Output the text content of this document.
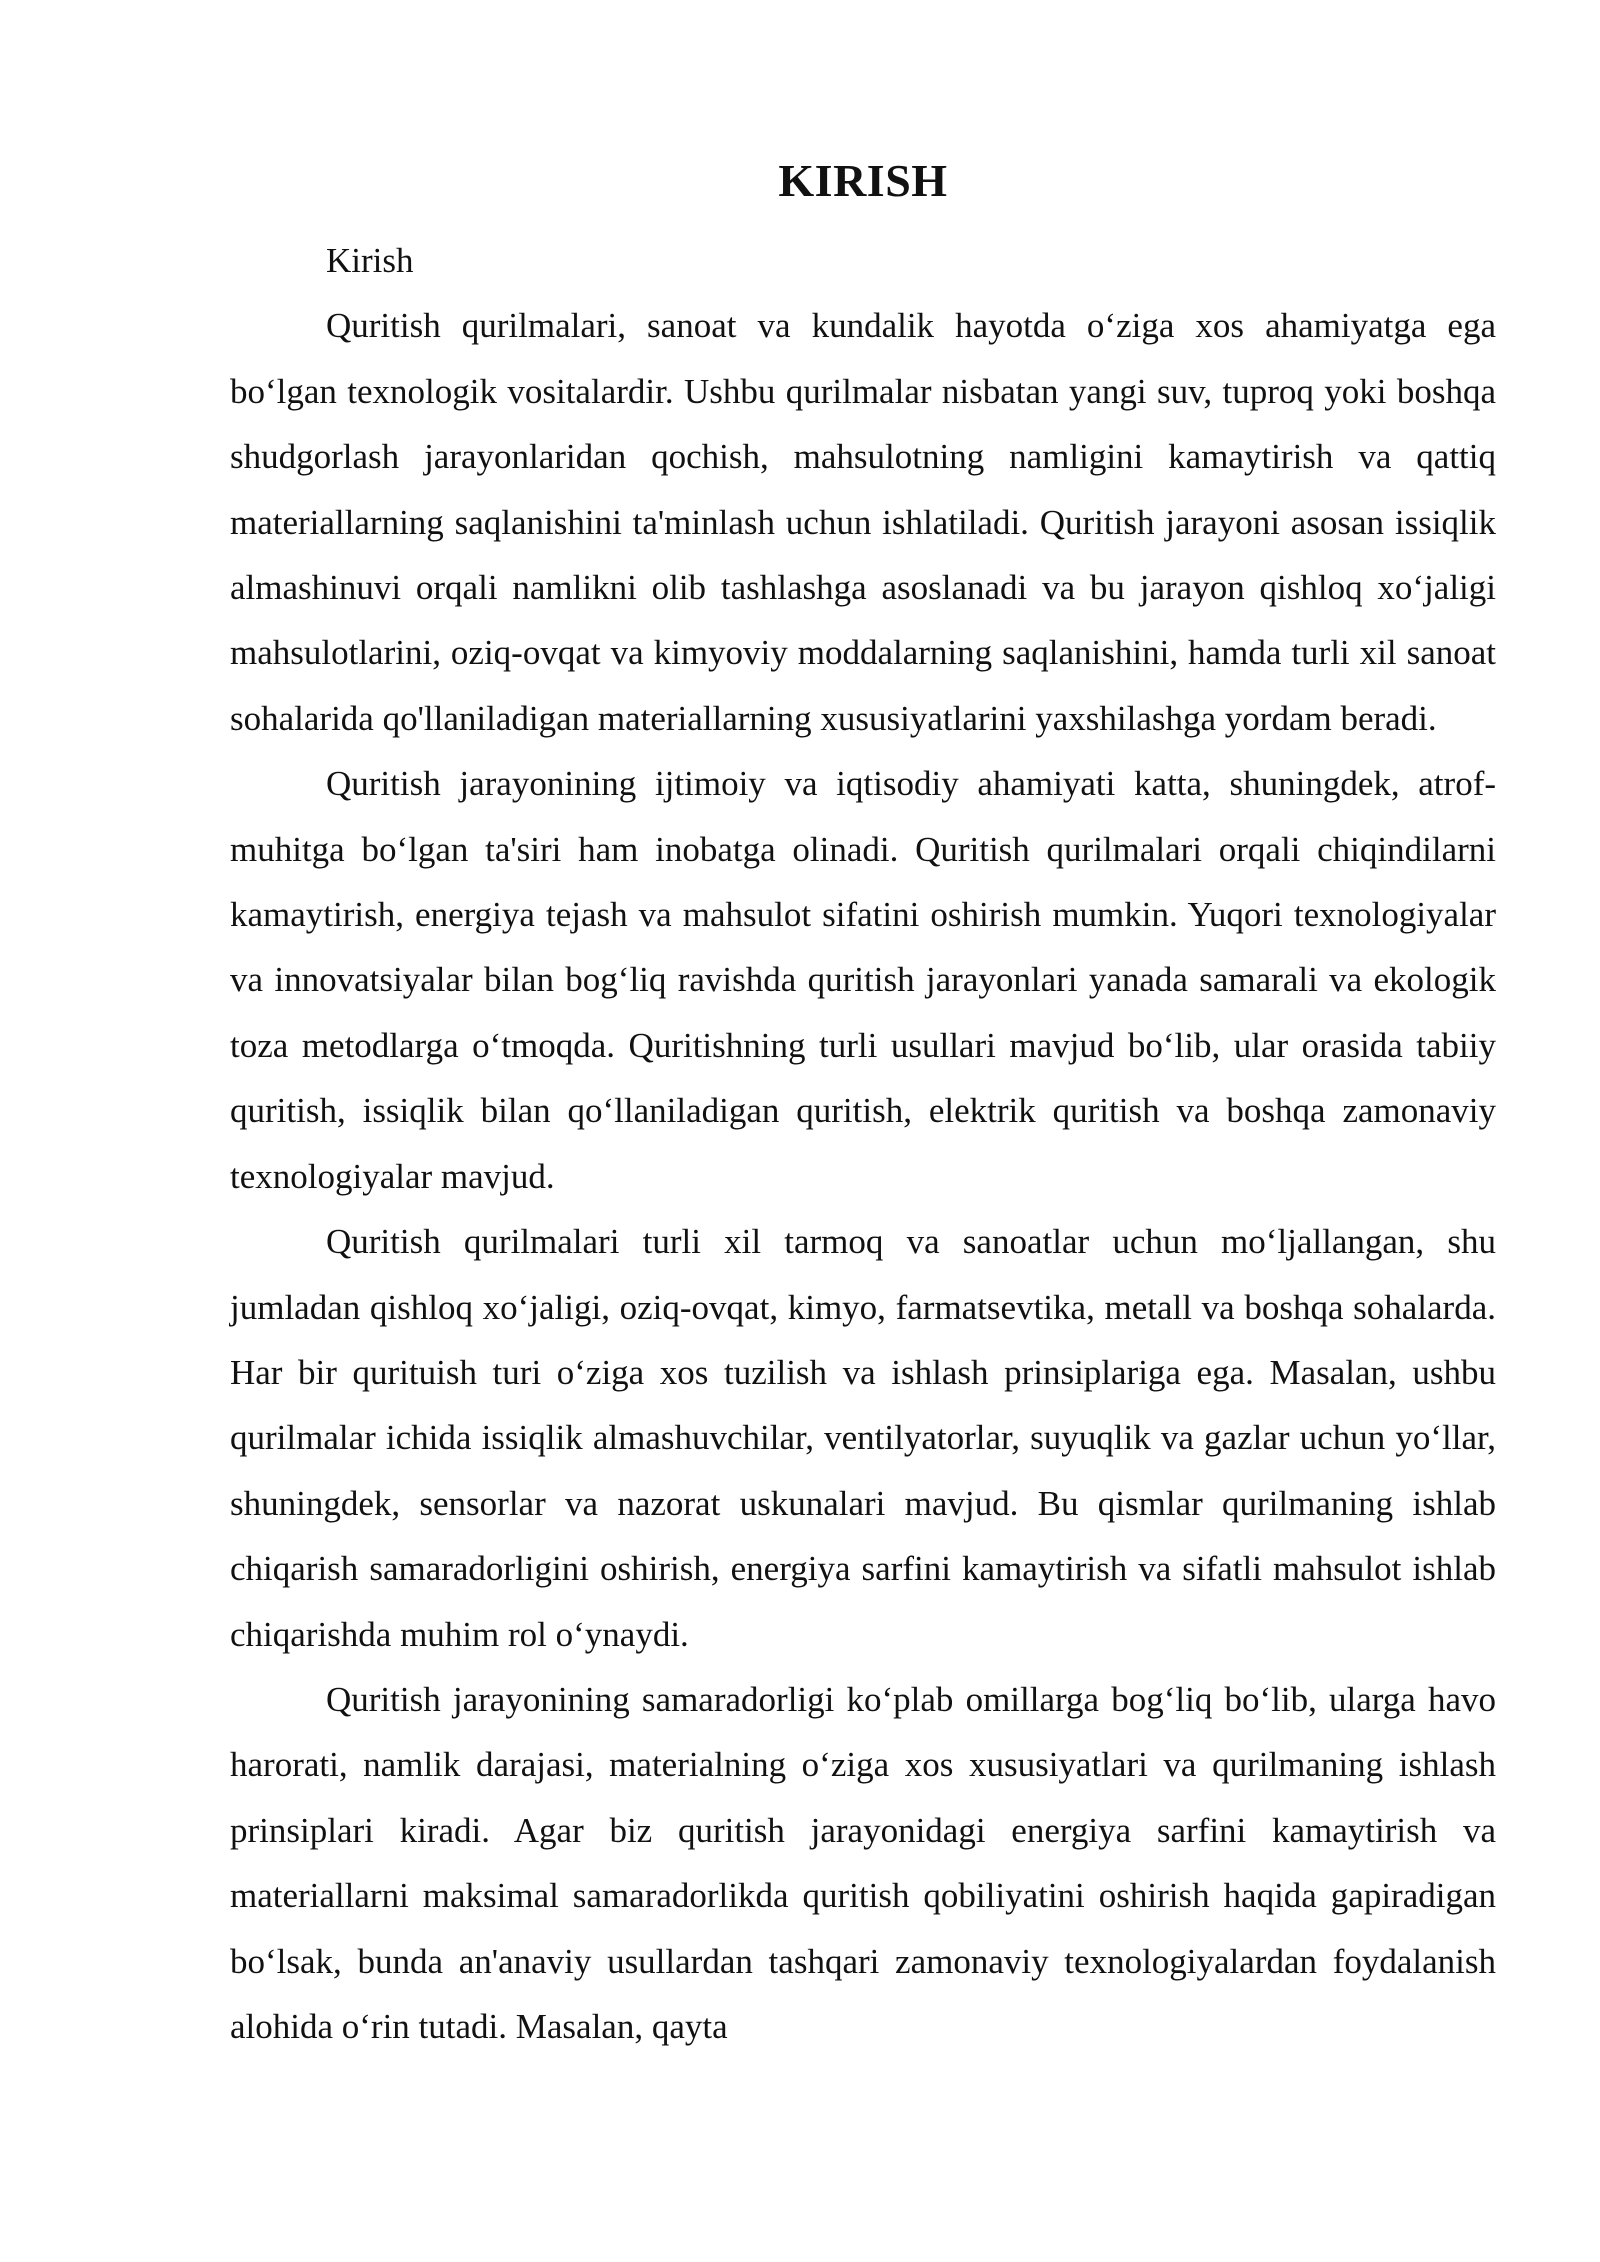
KIRISH

Kirish

Quritish qurilmalari, sanoat va kundalik hayotda o‘ziga xos ahamiyatga ega bo‘lgan texnologik vositalardir. Ushbu qurilmalar nisbatan yangi suv, tuproq yoki boshqa shudgorlash jarayonlaridan qochish, mahsulotning namligini kamaytirish va qattiq materiallarning saqlanishini ta'minlash uchun ishlatiladi. Quritish jarayoni asosan issiqlik almashinuvi orqali namlikni olib tashlashga asoslanadi va bu jarayon qishloq xo‘jaligi mahsulotlarini, oziq-ovqat va kimyoviy moddalarning saqlanishini, hamda turli xil sanoat sohalarida qo'llaniladigan materiallarning xususiyatlarini yaxshilashga yordam beradi.

Quritish jarayonining ijtimoiy va iqtisodiy ahamiyati katta, shuningdek, atrof-muhitga bo‘lgan ta'siri ham inobatga olinadi. Quritish qurilmalari orqali chiqindilarni kamaytirish, energiya tejash va mahsulot sifatini oshirish mumkin. Yuqori texnologiyalar va innovatsiyalar bilan bog‘liq ravishda quritish jarayonlari yanada samarali va ekologik toza metodlarga o‘tmoqda. Quritishning turli usullari mavjud bo‘lib, ular orasida tabiiy quritish, issiqlik bilan qo‘llaniladigan quritish, elektrik quritish va boshqa zamonaviy texnologiyalar mavjud.

Quritish qurilmalari turli xil tarmoq va sanoatlar uchun mo‘ljallangan, shu jumladan qishloq xo‘jaligi, oziq-ovqat, kimyo, farmatsevtika, metall va boshqa sohalarda. Har bir qurituish turi o‘ziga xos tuzilish va ishlash prinsiplariga ega. Masalan, ushbu qurilmalar ichida issiqlik almashuvchilar, ventilyatorlar, suyuqlik va gazlar uchun yo‘llar, shuningdek, sensorlar va nazorat uskunalari mavjud. Bu qismlar qurilmaning ishlab chiqarish samaradorligini oshirish, energiya sarfini kamaytirish va sifatli mahsulot ishlab chiqarishda muhim rol o‘ynaydi.

Quritish jarayonining samaradorligi ko‘plab omillarga bog‘liq bo‘lib, ularga havo harorati, namlik darajasi, materialning o‘ziga xos xususiyatlari va qurilmaning ishlash prinsiplari kiradi. Agar biz quritish jarayonidagi energiya sarfini kamaytirish va materiallarni maksimal samaradorlikda quritish qobiliyatini oshirish haqida gapiradigan bo‘lsak, bunda an'anaviy usullardan tashqari zamonaviy texnologiyalardan foydalanish alohida o‘rin tutadi. Masalan, qayta
